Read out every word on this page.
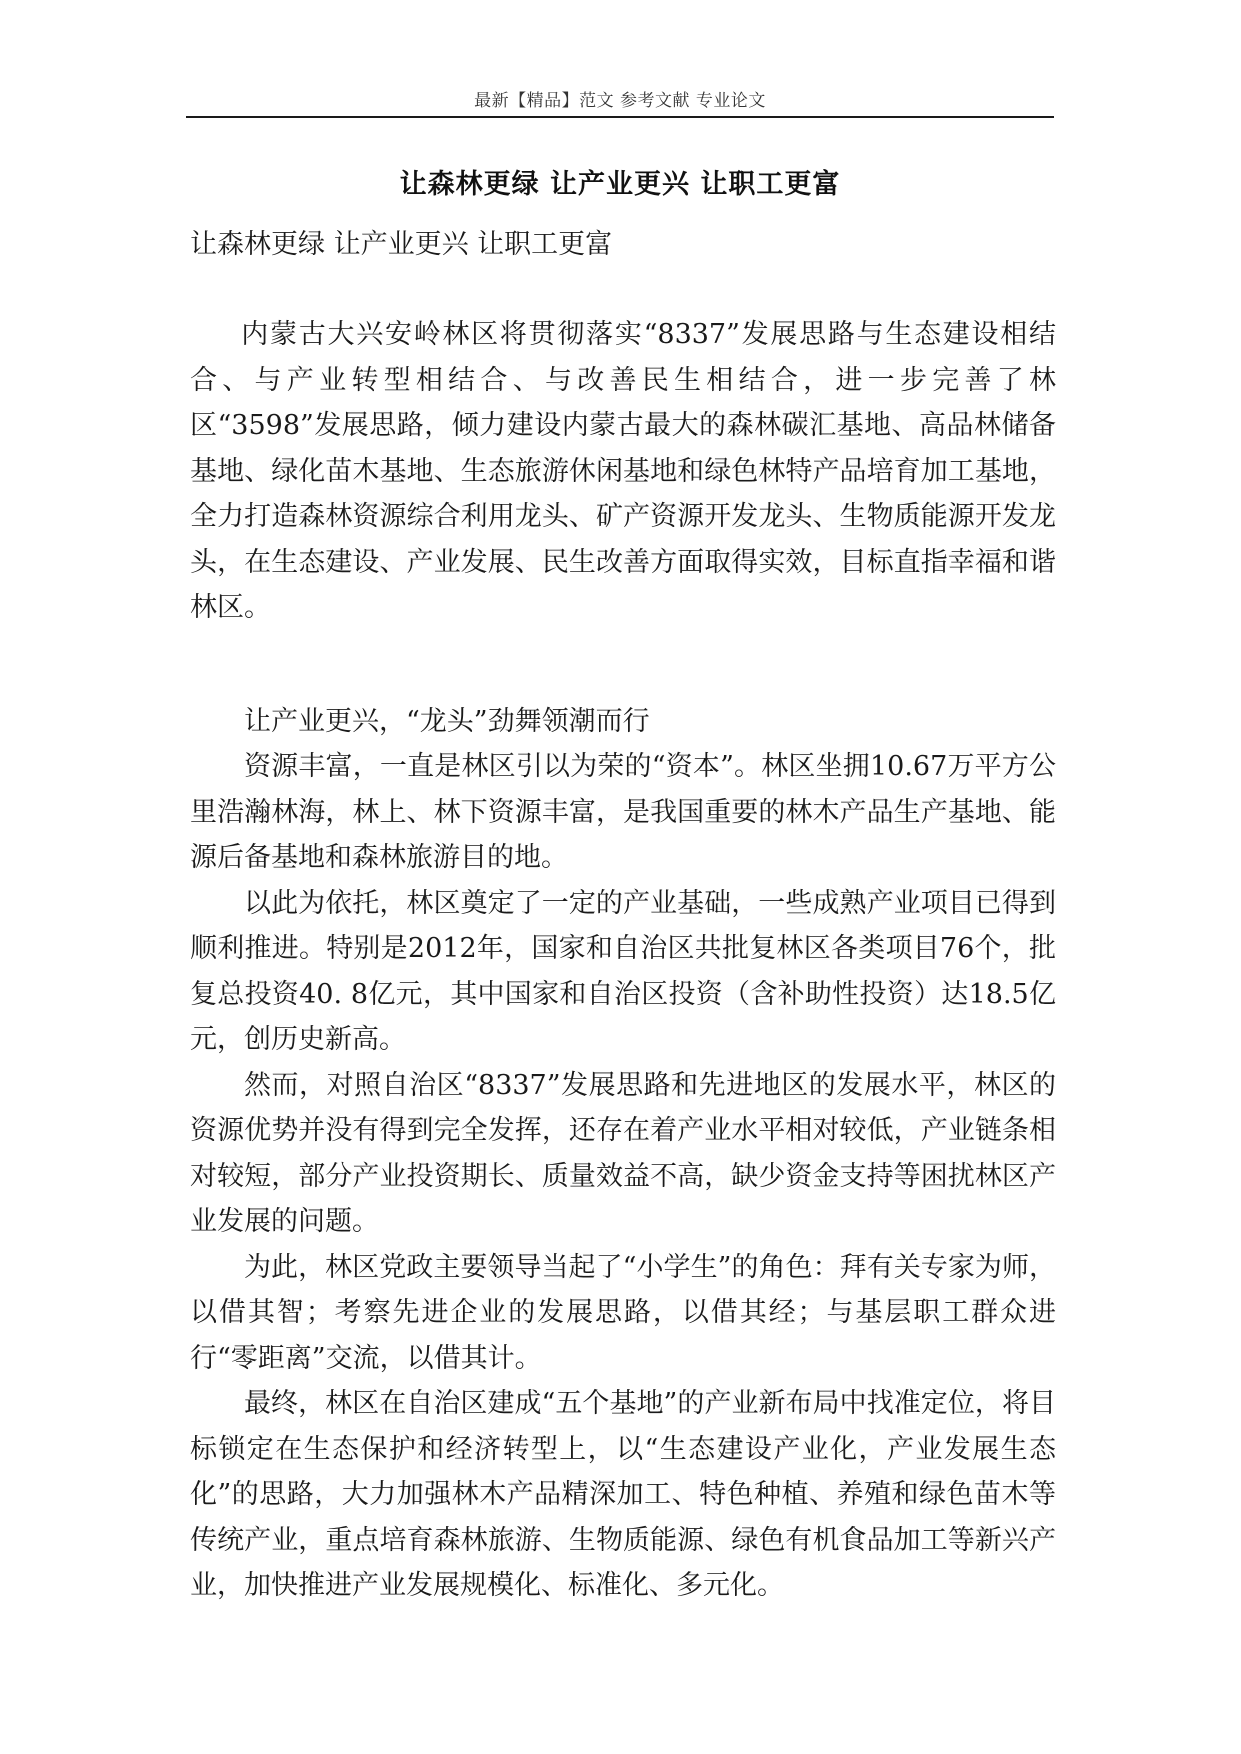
最新【精品】范文 参考文献 专业论文
让森林更绿 让产业更兴 让职工更富
让森林更绿 让产业更兴 让职工更富

内蒙古大兴安岭林区将贯彻落实“8337”发展思路与生态建设相结合、与产业转型相结合、与改善民生相结合，进一步完善了林区“3598”发展思路，倾力建设内蒙古最大的森林碳汇基地、高品林储备基地、绿化苗木基地、生态旅游休闲基地和绿色林特产品培育加工基地，全力打造森林资源综合利用龙头、矿产资源开发龙头、生物质能源开发龙头，在生态建设、产业发展、民生改善方面取得实效，目标直指幸福和谐林区。

让产业更兴，“龙头”劲舞领潮而行

资源丰富，一直是林区引以为荣的“资本”。林区坐拥10.67万平方公里浩瀚林海，林上、林下资源丰富，是我国重要的林木产品生产基地、能源后备基地和森林旅游目的地。

以此为依托，林区奠定了一定的产业基础，一些成熟产业项目已得到顺利推进。特别是2012年，国家和自治区共批复林区各类项目76个，批复总投资40. 8亿元，其中国家和自治区投资（含补助性投资）达18.5亿元，创历史新高。

然而，对照自治区“8337”发展思路和先进地区的发展水平，林区的资源优势并没有得到完全发挥，还存在着产业水平相对较低，产业链条相对较短，部分产业投资期长、质量效益不高，缺少资金支持等困扰林区产业发展的问题。

为此，林区党政主要领导当起了“小学生”的角色：拜有关专家为师，以借其智；考察先进企业的发展思路，以借其经；与基层职工群众进行“零距离”交流，以借其计。

最终，林区在自治区建成“五个基地”的产业新布局中找准定位，将目标锁定在生态保护和经济转型上，以“生态建设产业化，产业发展生态化”的思路，大力加强林木产品精深加工、特色种植、养殖和绿色苗木等传统产业，重点培育森林旅游、生物质能源、绿色有机食品加工等新兴产业，加快推进产业发展规模化、标准化、多元化。
